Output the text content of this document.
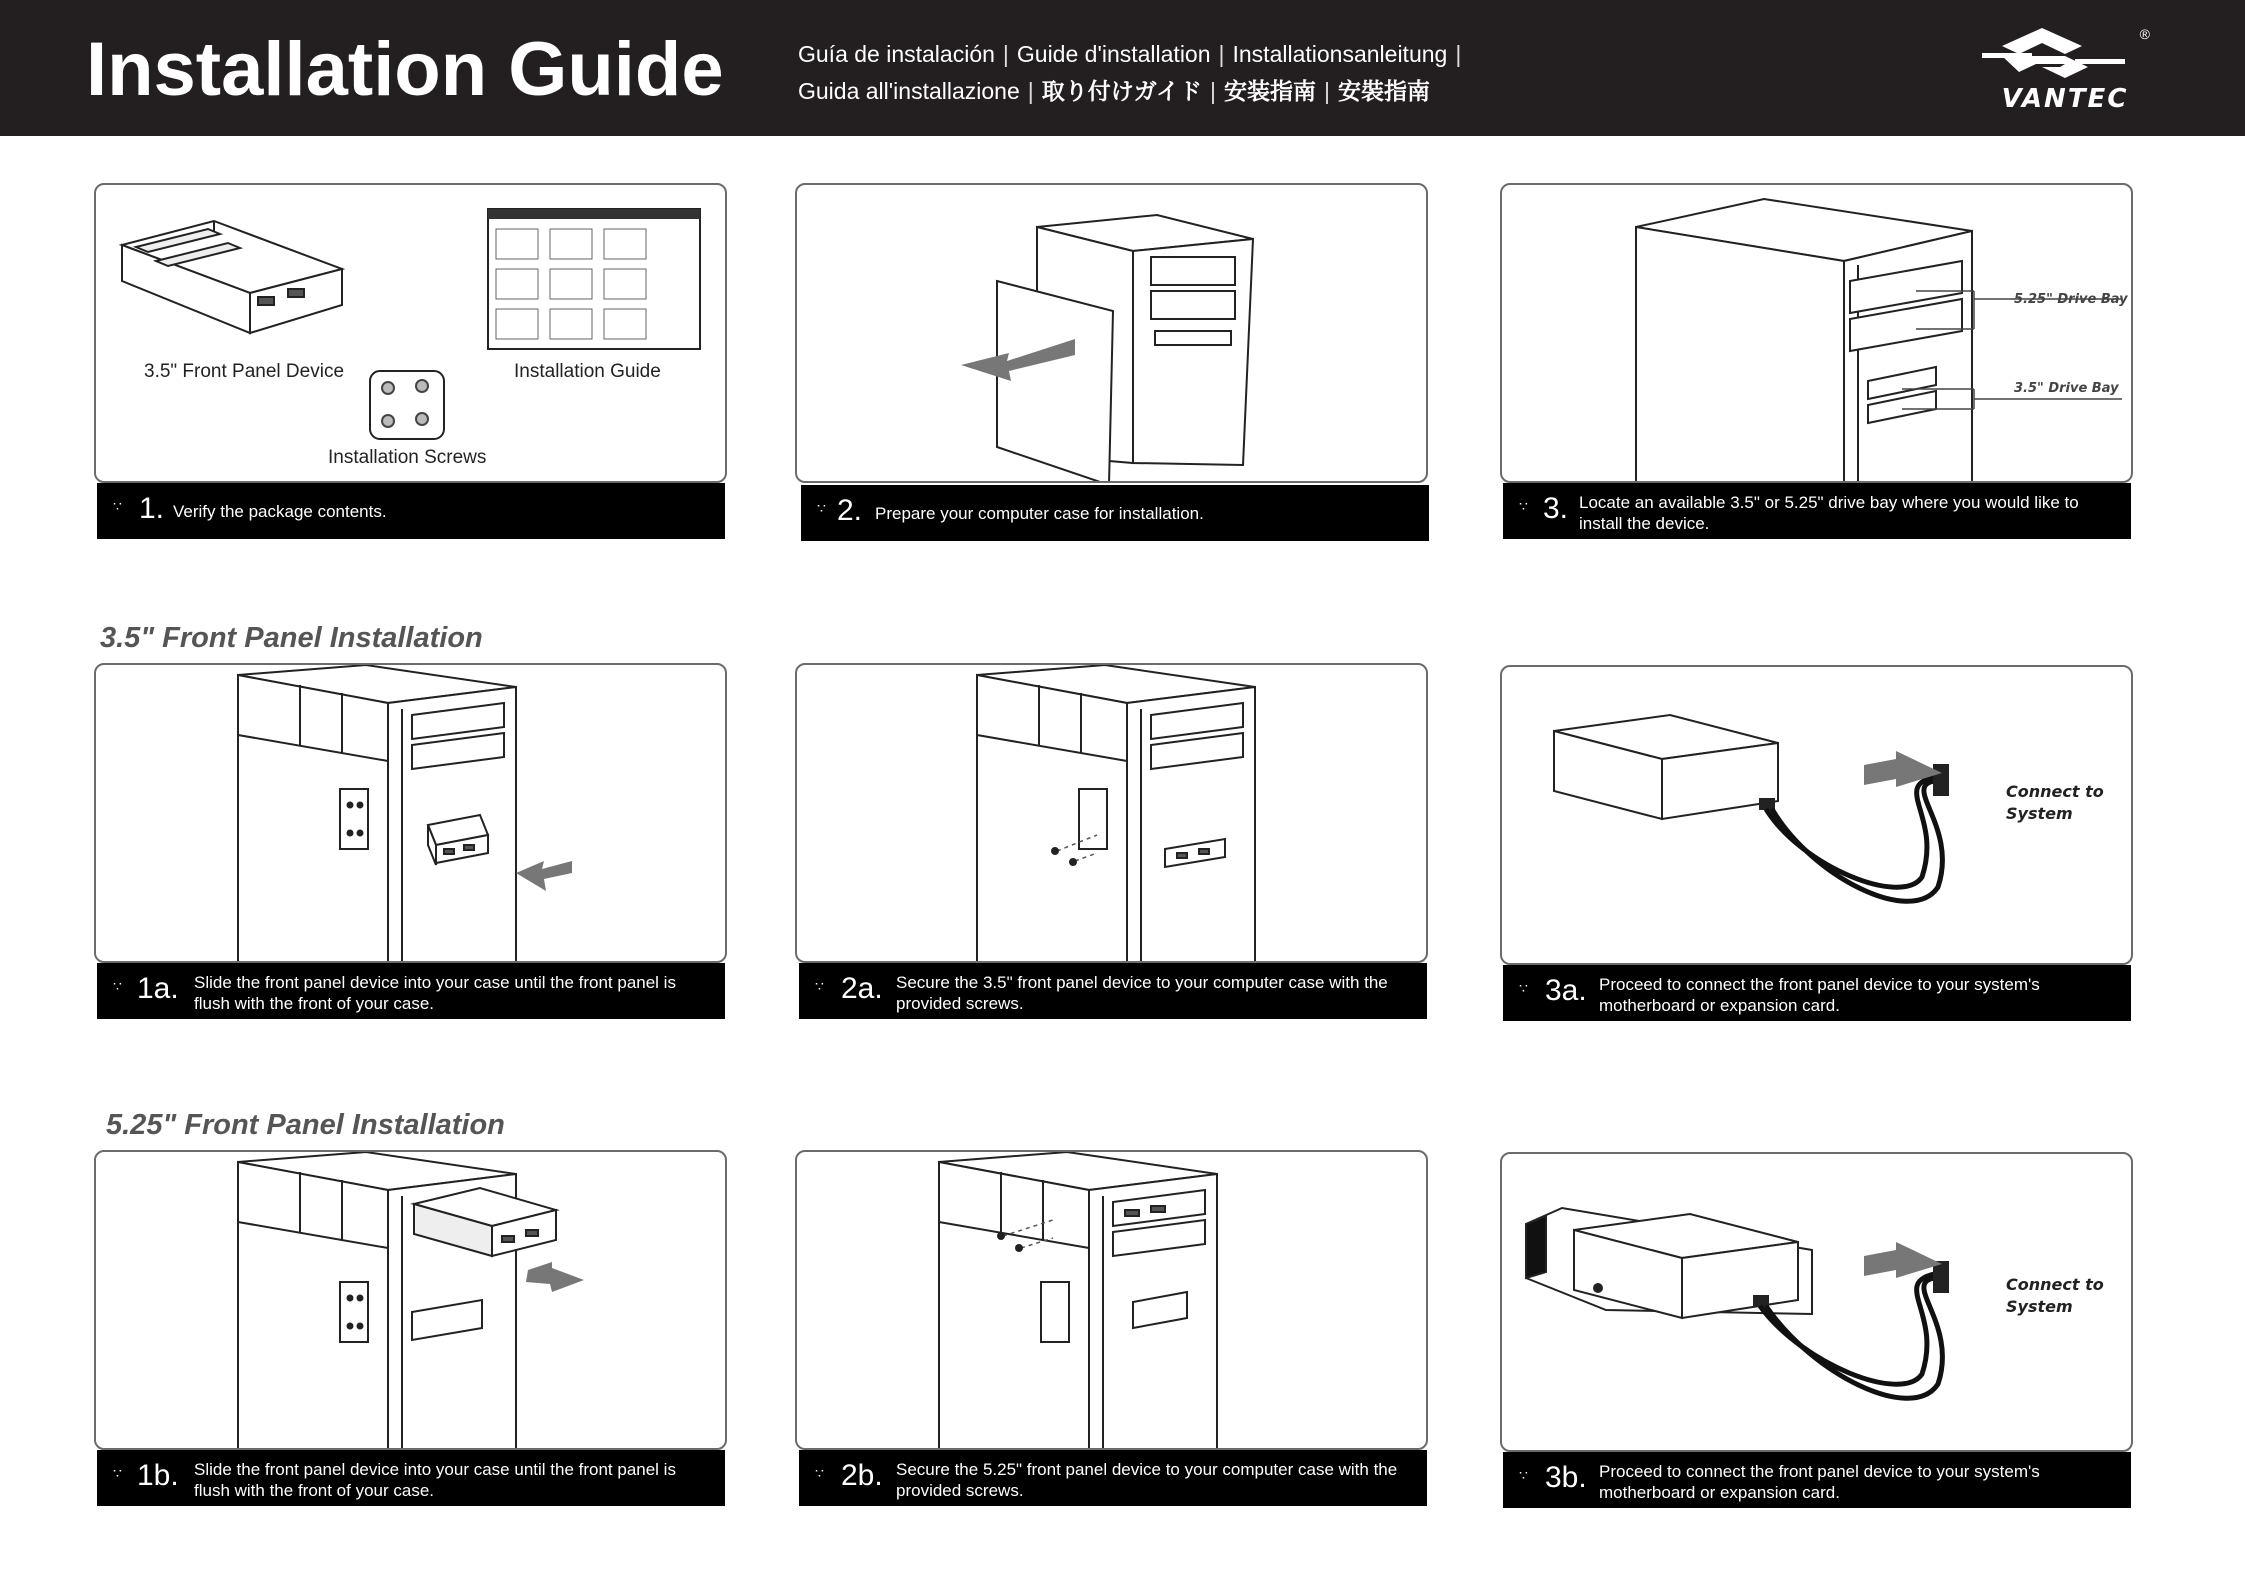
Installation Guide	Guía de instalación | Guide d'installation | Installationsanleitung |
Guida all'installazione | 取り付けガイド | 安装指南 | 安裝指南	VANTEC
®
3.5" Front Panel Device	Installation Guide
Installation Screws
∵ 1. Verify the package contents.	∵ 2. Prepare your computer case for installation.
5.25" Drive Bay
3.5" Drive Bay
∵ 3. Locate an available 3.5" or 5.25" drive bay where you would like to install the device.
3.5" Front Panel Installation
∵ 1a. Slide the front panel device into your case until the front panel is flush with the front of your case.
∵ 2a. Secure the 3.5" front panel device to your computer case with the provided screws.
Connect to
System
∵ 3a. Proceed to connect the front panel device to your system's motherboard or expansion card.
5.25" Front Panel Installation
∵ 1b. Slide the front panel device into your case until the front panel is flush with the front of your case.
∵ 2b. Secure the 5.25" front panel device to your computer case with the provided screws.
Connect to
System
∵ 3b. Proceed to connect the front panel device to your system's motherboard or expansion card.
